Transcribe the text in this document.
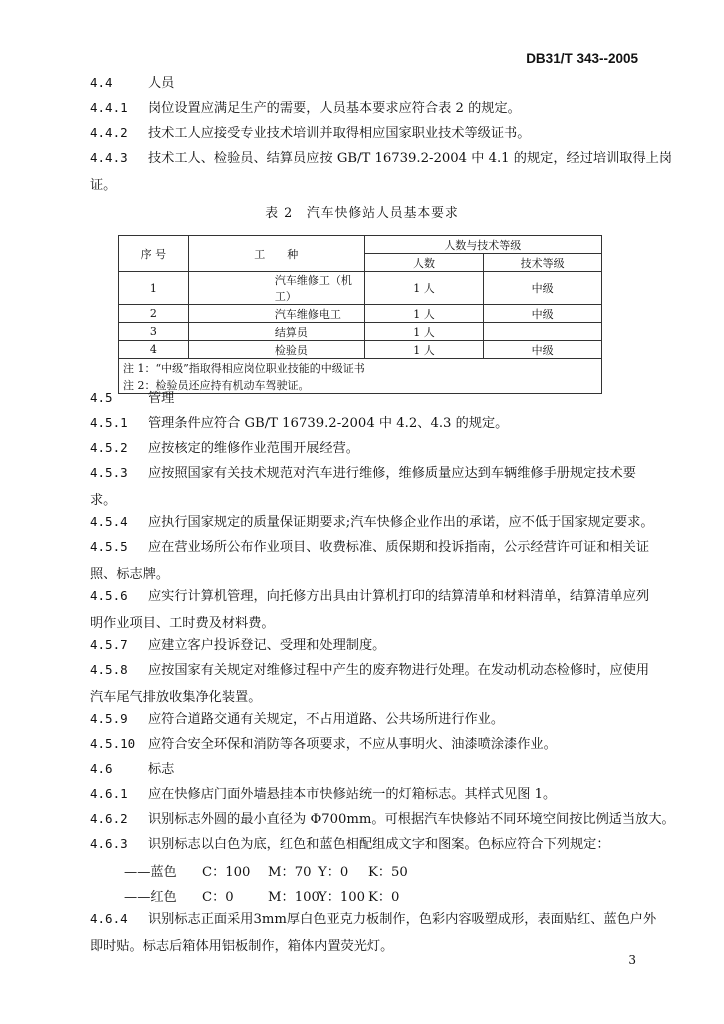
DB31/T 343--2005
4.4	人员
4.4.1 岗位设置应满足生产的需要，人员基本要求应符合表 2 的规定。
4.4.2 技术工人应接受专业技术培训并取得相应国家职业技术等级证书。
4.4.3 技术工人、检验员、结算员应按 GB/T 16739.2-2004 中 4.1 的规定，经过培训取得上岗
证。
表 2　汽车快修站人员基本要求
序 号	工　　种	人数与技术等级	
		人数	技术等级
1	汽车维修工（机工）	1 人	中级
2	汽车维修电工	1 人	中级
3	结算员	1 人	
4	检验员	1 人	中级
注 1：“中级”指取得相应岗位职业技能的中级证书			
注 2：检验员还应持有机动车驾驶证。			
4.5	管理
4.5.1 管理条件应符合 GB/T 16739.2-2004 中 4.2、4.3 的规定。
4.5.2 应按核定的维修作业范围开展经营。
4.5.3 应按照国家有关技术规范对汽车进行维修，维修质量应达到车辆维修手册规定技术要
求。
4.5.4 应执行国家规定的质量保证期要求;汽车快修企业作出的承诺，应不低于国家规定要求。
4.5.5 应在营业场所公布作业项目、收费标准、质保期和投诉指南，公示经营许可证和相关证
照、标志牌。
4.5.6 应实行计算机管理，向托修方出具由计算机打印的结算清单和材料清单，结算清单应列
明作业项目、工时费及材料费。
4.5.7 应建立客户投诉登记、受理和处理制度。
4.5.8 应按国家有关规定对维修过程中产生的废弃物进行处理。在发动机动态检修时，应使用
汽车尾气排放收集净化装置。
4.5.9 应符合道路交通有关规定，不占用道路、公共场所进行作业。
4.5.10 应符合安全环保和消防等各项要求，不应从事明火、油漆喷涂漆作业。
4.6	标志
4.6.1 应在快修店门面外墙悬挂本市快修站统一的灯箱标志。其样式见图 1。
4.6.2 识别标志外圆的最小直径为 Φ700mm。可根据汽车快修站不同环境空间按比例适当放大。
4.6.3 识别标志以白色为底，红色和蓝色相配组成文字和图案。色标应符合下列规定：
——蓝色 C：100 M：70 Y：0 K：50
——红色 C：0	M：100
Y：100 K：0
4.6.4 识别标志正面采用3mm厚白色亚克力板制作，色彩内容吸塑成形，表面贴红、蓝色户外
即时贴。标志后箱体用铝板制作，箱体内置荧光灯。
3
